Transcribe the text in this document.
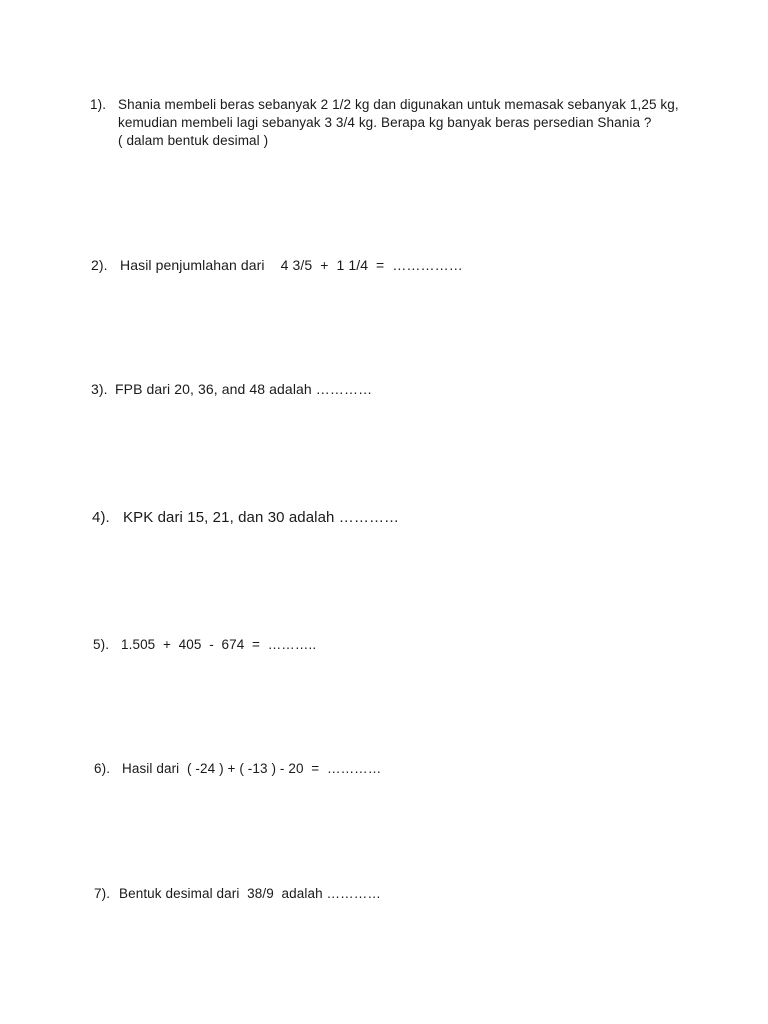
1). Shania membeli beras sebanyak 2 1/2 kg dan digunakan untuk memasak sebanyak 1,25 kg,
kemudian membeli lagi sebanyak 3 3/4 kg. Berapa kg banyak beras persedian Shania ?
( dalam bentuk desimal )
2). Hasil penjumlahan dari    4 3/5  +  1 1/4  =  ……………
3). FPB dari 20, 36, and 48 adalah …………
4). KPK dari 15, 21, dan 30 adalah …………
5). 1.505  +  405  -  674  =  ………..
6). Hasil dari  ( -24 ) + ( -13 ) - 20  =  …………
7). Bentuk desimal dari  38/9  adalah …………
